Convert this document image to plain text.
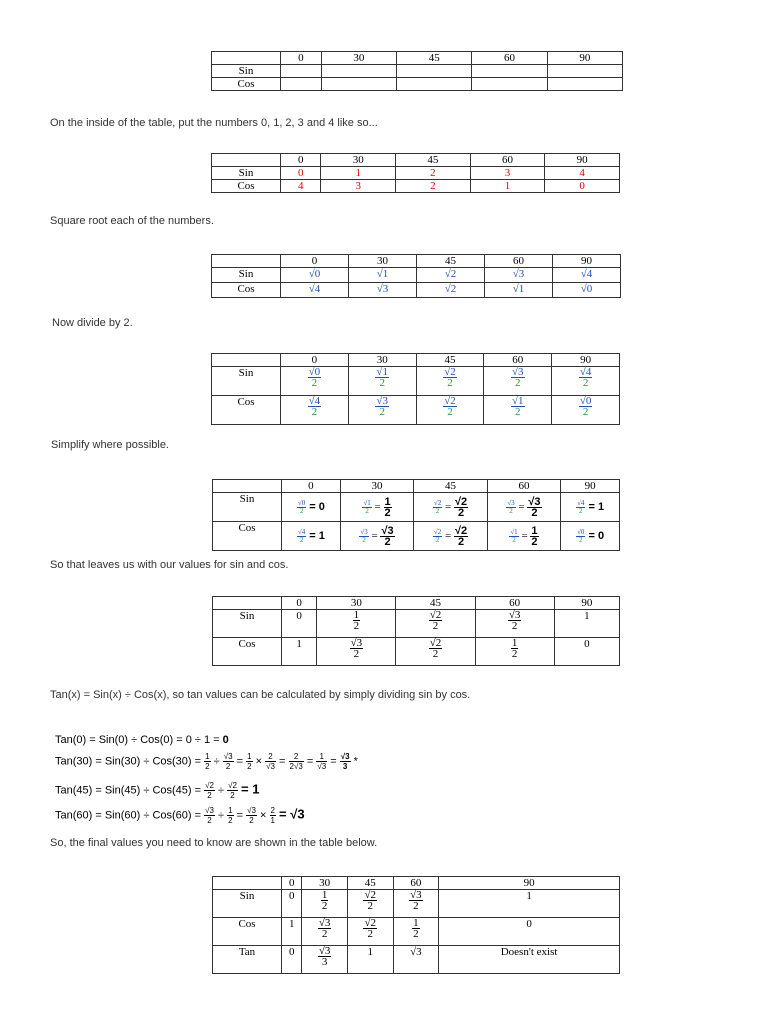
	0	30	45	60	90
Sin					
Cos					

On the inside of the table, put the numbers 0, 1, 2, 3 and 4 like so...

	0	30	45	60	90
Sin	0	1	2	3	4
Cos	4	3	2	1	0

Square root each of the numbers.

	0	30	45	60	90
Sin	√0	√1	√2	√3	√4
Cos	√4	√3	√2	√1	√0

Now divide by 2.

	0	30	45	60	90
Sin	$\frac{√0}{2}$	$\frac{√1}{2}$	$\frac{√2}{2}$	$\frac{√3}{2}$	$\frac{√4}{2}$

Cos	$\frac{√4}{2}$	$\frac{√3}{2}$	$\frac{√2}{2}$	$\frac{√1}{2}$	$\frac{√0}{2}$

Simplify where possible.

	0	30	45	60	90
Sin	$\frac{√0}{2} = 0$	$\frac{√1}{2} = \frac{1}{2}$	$\frac{√2}{2} = \frac{√2}{2}$	$\frac{√3}{2} = \frac{√3}{2}$	$\frac{√4}{2} = 1$
Cos	$\frac{√4}{2} = 1$	$\frac{√3}{2} = \frac{√3}{2}$	$\frac{√2}{2} = \frac{√2}{2}$	$\frac{√1}{2} = \frac{1}{2}$	$\frac{√0}{2} = 0$

So that leaves us with our values for sin and cos.

	0	30	45	60	90
Sin	0	$\frac{1}{2}$	$\frac{√2}{2}$	$\frac{√3}{2}$	1
Cos	1	$\frac{√3}{2}$	$\frac{√2}{2}$	$\frac{1}{2}$	0

Tan(x) = Sin(x) ÷ Cos(x), so tan values can be calculated by simply dividing sin by cos.

Tan(0) = Sin(0) ÷ Cos(0) = 0 ÷ 1 = 0
$Tan(30) = Sin(30) \div Cos(30) = \frac{1}{2} \div \frac{√3}{2} = \frac{1}{2} \times \frac{2}{√3} = \frac{2}{2√3} = \frac{1}{√3} = \frac{√3}{3}$ *
$Tan(45) = Sin(45) \div Cos(45) = \frac{√2}{2} \div \frac{√2}{2} = 1$
$Tan(60) = Sin(60) \div Cos(60) = \frac{√3}{2} \div \frac{1}{2} = \frac{√3}{2} \times \frac{2}{1} = √3$

So, the final values you need to know are shown in the table below.

	0	30	45	60	90
Sin	0	$\frac{1}{2}$	$\frac{√2}{2}$	$\frac{√3}{2}$	1
Cos	1	$\frac{√3}{2}$	$\frac{√2}{2}$	$\frac{1}{2}$	0
Tan	0	$\frac{√3}{3}$	1	√3	Doesn't exist
